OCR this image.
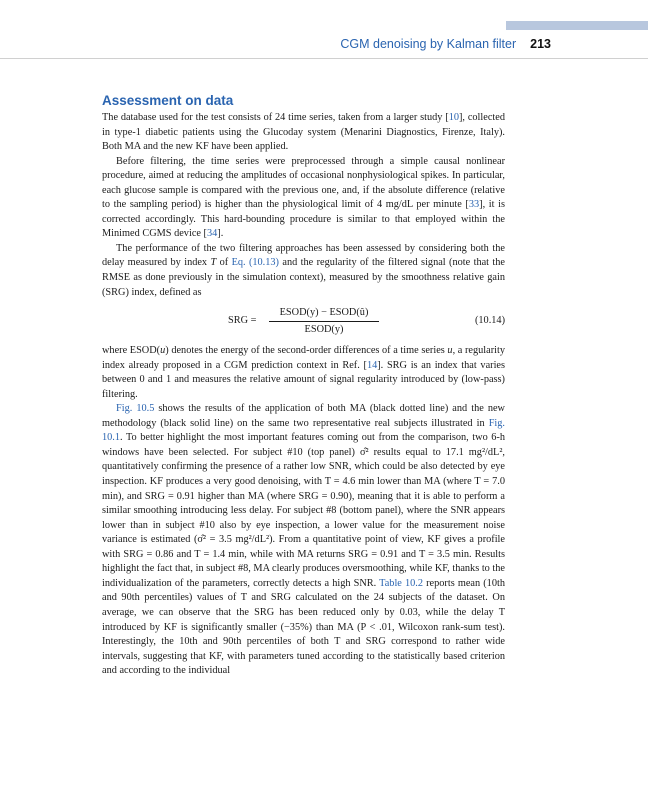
CGM denoising by Kalman filter 213
Assessment on data

The database used for the test consists of 24 time series, taken from a larger study [10], collected in type-1 diabetic patients using the Glucoday system (Menarini Diagnostics, Firenze, Italy). Both MA and the new KF have been applied.

Before filtering, the time series were preprocessed through a simple causal nonlinear procedure, aimed at reducing the amplitudes of occasional nonphysiological spikes. In particular, each glucose sample is compared with the previous one, and, if the absolute difference (relative to the sampling period) is higher than the physiological limit of 4 mg/dL per minute [33], it is corrected accordingly. This hard-bounding procedure is similar to that employed within the Minimed CGMS device [34].

The performance of the two filtering approaches has been assessed by considering both the delay measured by index T of Eq. (10.13) and the regularity of the filtered signal (note that the RMSE as done previously in the simulation context), measured by the smoothness relative gain (SRG) index, defined as

SRG =
ESOD(y) − ESOD(û)
ESOD(y)
(10.14)

where ESOD(u) denotes the energy of the second-order differences of a time series u, a regularity index already proposed in a CGM prediction context in Ref. [14]. SRG is an index that varies between 0 and 1 and measures the relative amount of signal regularity introduced by (low-pass) filtering.

Fig. 10.5 shows the results of the application of both MA (black dotted line) and the new methodology (black solid line) on the same two representative real subjects illustrated in Fig. 10.1. To better highlight the most important features coming out from the comparison, two 6-h windows have been selected. For subject #10 (top panel) σ̂² results equal to 17.1 mg²/dL², quantitatively confirming the presence of a rather low SNR, which could be also detected by eye inspection. KF produces a very good denoising, with T = 4.6 min lower than MA (where T = 7.0 min), and SRG = 0.91 higher than MA (where SRG = 0.90), meaning that it is able to perform a similar smoothing introducing less delay. For subject #8 (bottom panel), where the SNR appears lower than in subject #10 also by eye inspection, a lower value for the measurement noise variance is estimated (σ̂² = 3.5 mg²/dL²). From a quantitative point of view, KF gives a profile with SRG = 0.86 and T = 1.4 min, while with MA returns SRG = 0.91 and T = 3.5 min. Results highlight the fact that, in subject #8, MA clearly produces oversmoothing, while KF, thanks to the individualization of the parameters, correctly detects a high SNR. Table 10.2 reports mean (10th and 90th percentiles) values of T and SRG calculated on the 24 subjects of the dataset. On average, we can observe that the SRG has been reduced only by 0.03, while the delay T introduced by KF is significantly smaller (−35%) than MA (P < .01, Wilcoxon rank-sum test). Interestingly, the 10th and 90th percentiles of both T and SRG correspond to rather wide intervals, suggesting that KF, with parameters tuned according to the statistically based criterion and according to the individual
